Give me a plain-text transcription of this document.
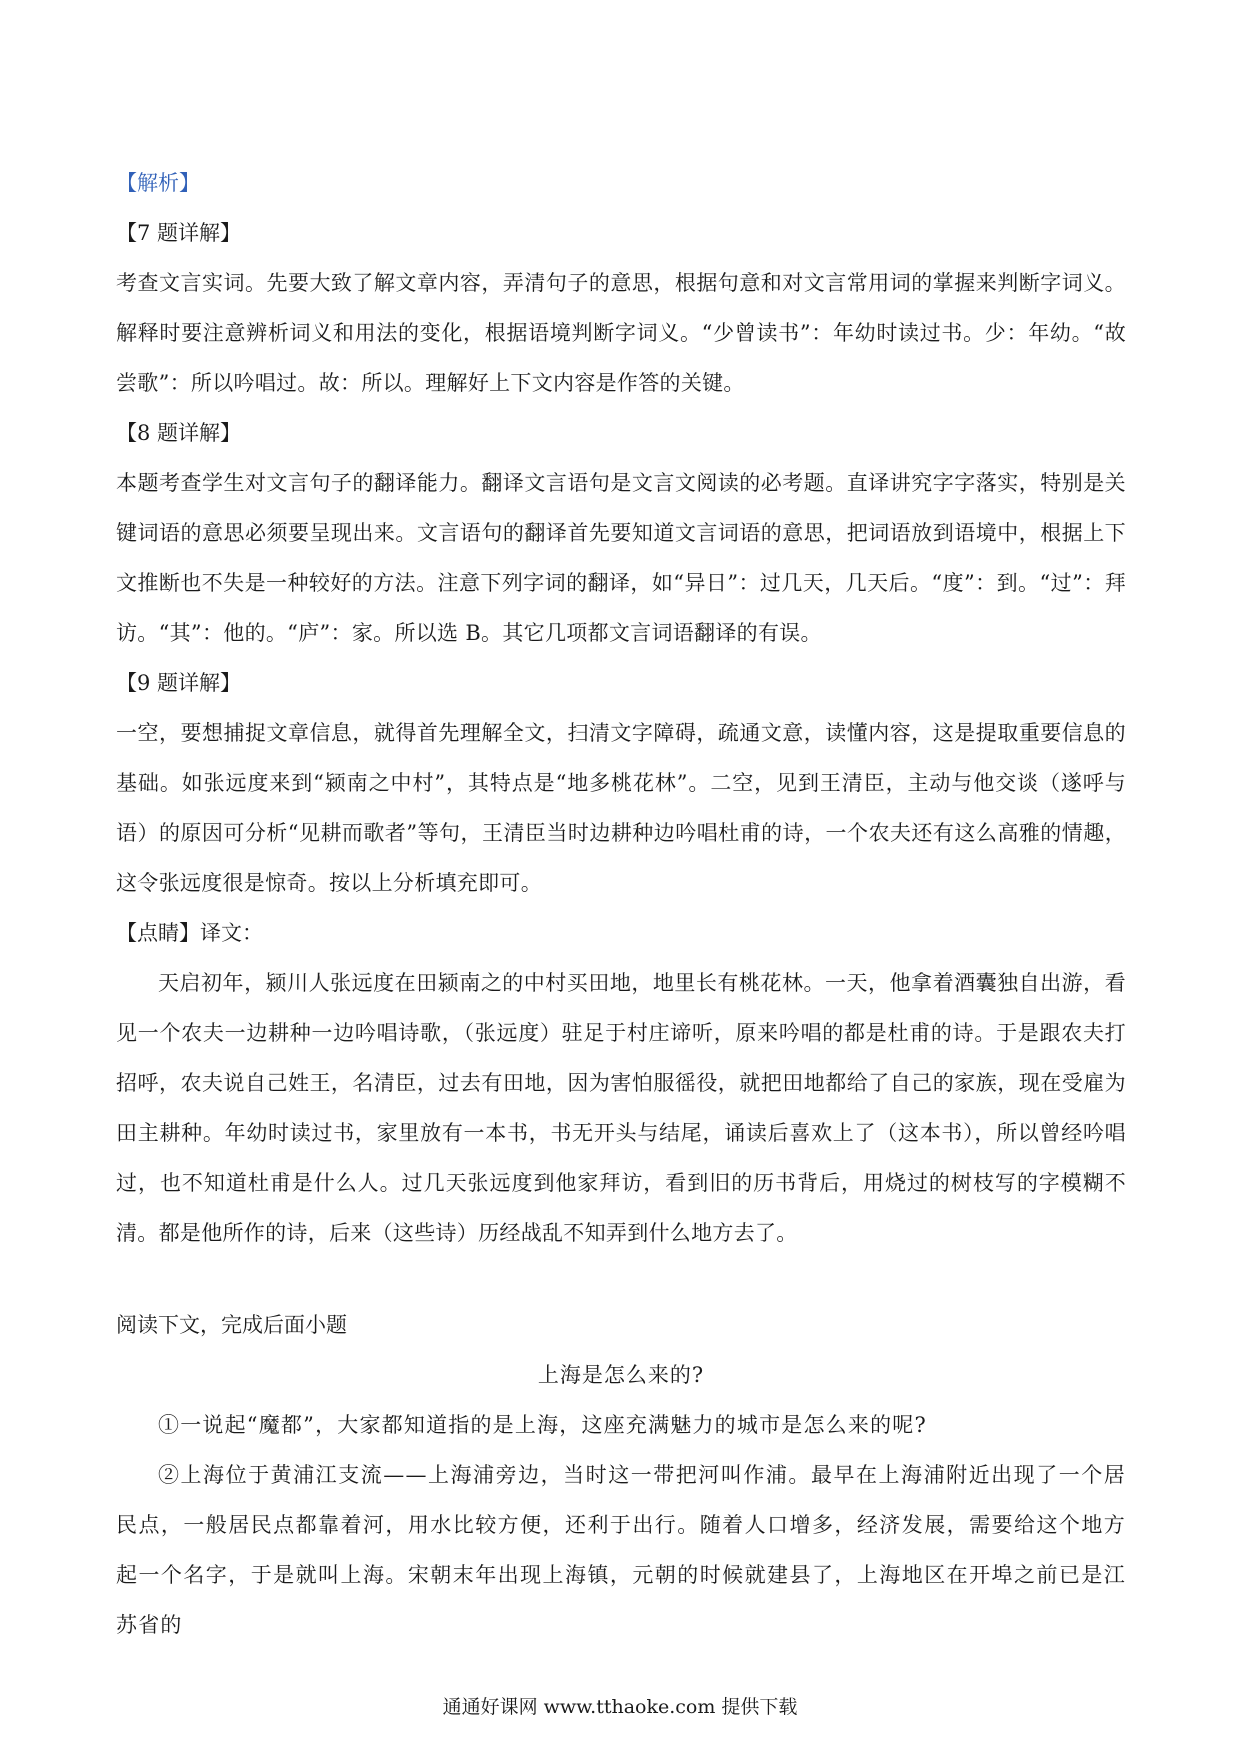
【解析】

【7 题详解】

考查文言实词。先要大致了解文章内容，弄清句子的意思，根据句意和对文言常用词的掌握来判断字词义。解释时要注意辨析词义和用法的变化，根据语境判断字词义。“少曾读书”：年幼时读过书。少：年幼。“故尝歌”：所以吟唱过。故：所以。理解好上下文内容是作答的关键。

【8 题详解】

本题考查学生对文言句子的翻译能力。翻译文言语句是文言文阅读的必考题。直译讲究字字落实，特别是关键词语的意思必须要呈现出来。文言语句的翻译首先要知道文言词语的意思，把词语放到语境中，根据上下文推断也不失是一种较好的方法。注意下列字词的翻译，如“异日”：过几天，几天后。“度”：到。“过”：拜访。“其”：他的。“庐”：家。所以选 B。其它几项都文言词语翻译的有误。

【9 题详解】

一空，要想捕捉文章信息，就得首先理解全文，扫清文字障碍，疏通文意，读懂内容，这是提取重要信息的基础。如张远度来到“颍南之中村”，其特点是“地多桃花林”。二空，见到王清臣，主动与他交谈（遂呼与语）的原因可分析“见耕而歌者”等句，王清臣当时边耕种边吟唱杜甫的诗，一个农夫还有这么高雅的情趣，这令张远度很是惊奇。按以上分析填充即可。

【点睛】译文：

天启初年，颍川人张远度在田颍南之的中村买田地，地里长有桃花林。一天，他拿着酒囊独自出游，看见一个农夫一边耕种一边吟唱诗歌，（张远度）驻足于村庄谛听，原来吟唱的都是杜甫的诗。于是跟农夫打招呼，农夫说自己姓王，名清臣，过去有田地，因为害怕服徭役，就把田地都给了自己的家族，现在受雇为田主耕种。年幼时读过书，家里放有一本书，书无开头与结尾，诵读后喜欢上了（这本书），所以曾经吟唱过，也不知道杜甫是什么人。过几天张远度到他家拜访，看到旧的历书背后，用烧过的树枝写的字模糊不清。都是他所作的诗，后来（这些诗）历经战乱不知弄到什么地方去了。

阅读下文，完成后面小题

上海是怎么来的?

①一说起“魔都”，大家都知道指的是上海，这座充满魅力的城市是怎么来的呢?

②上海位于黄浦江支流——上海浦旁边，当时这一带把河叫作浦。最早在上海浦附近出现了一个居民点，一般居民点都靠着河，用水比较方便，还利于出行。随着人口增多，经济发展，需要给这个地方起一个名字，于是就叫上海。宋朝末年出现上海镇，元朝的时候就建县了，上海地区在开埠之前已是江苏省的

通通好课网 www.tthaoke.com 提供下载
